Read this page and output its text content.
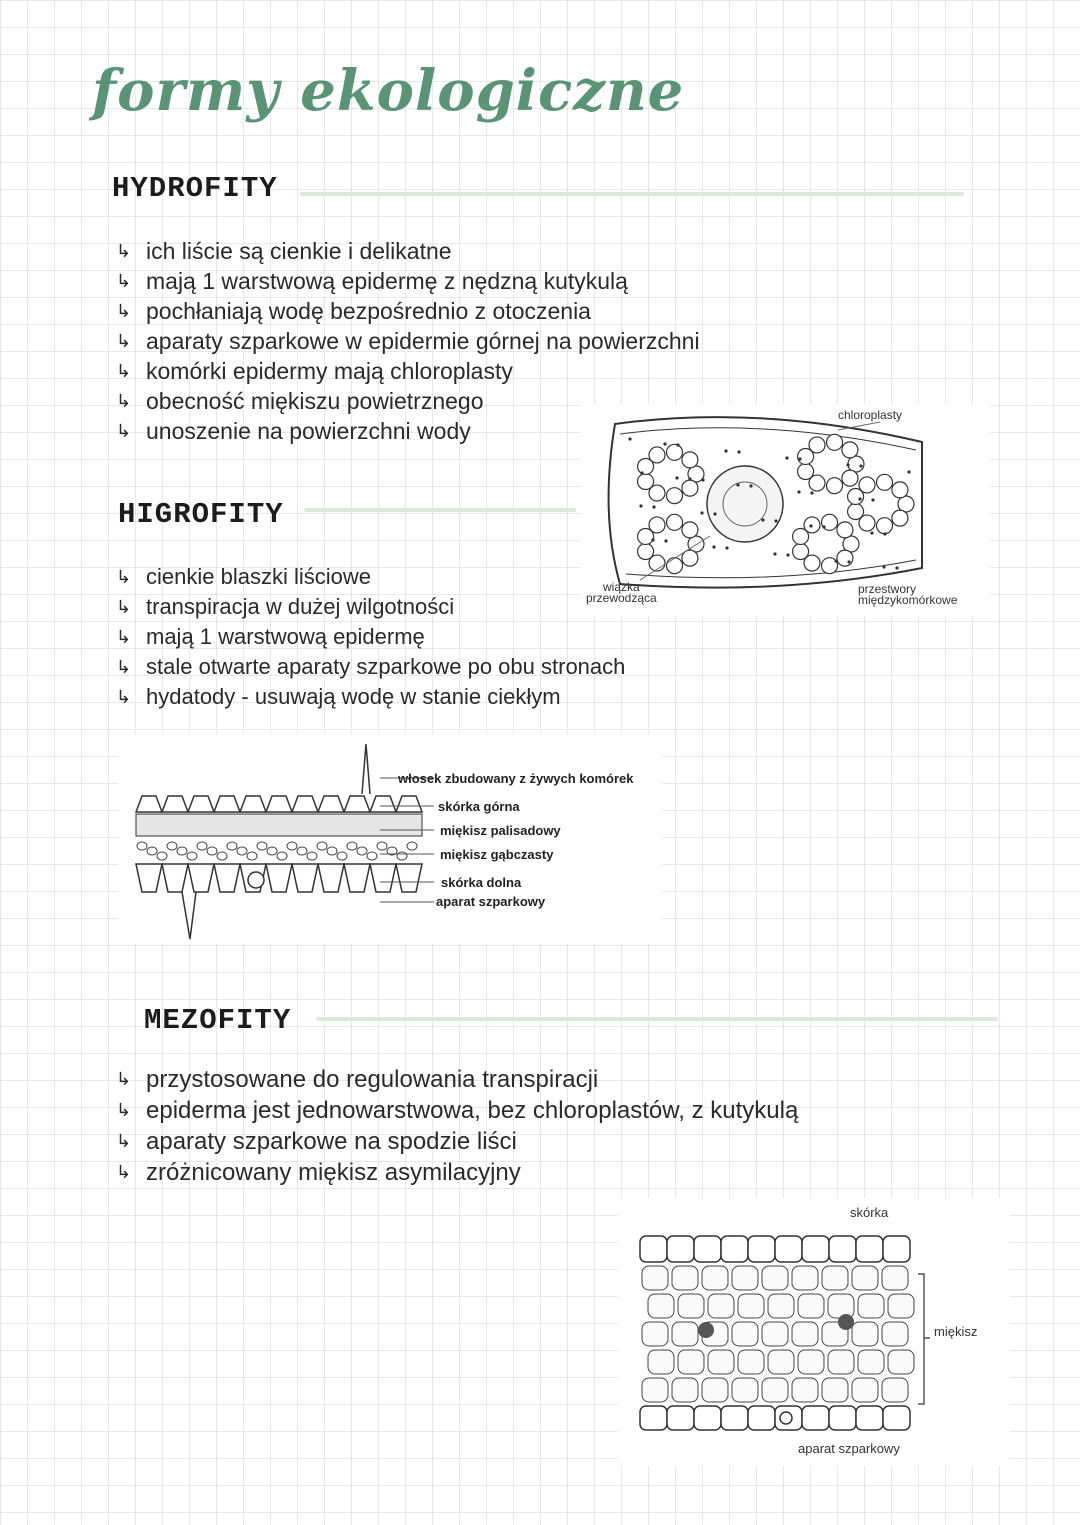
formy ekologiczne
HYDROFITY
↳ ich liście są cienkie i delikatne
↳ mają 1 warstwową epidermę z nędzną kutykulą
↳ pochłaniają wodę bezpośrednio z otoczenia
↳ aparaty szparkowe w epidermie górnej na powierzchni
↳ komórki epidermy mają chloroplasty
↳ obecność miękiszu powietrznego
↳ unoszenie na powierzchni wody
chloroplasty
wiązka
przewodząca
przestwory
międzykomórkowe
HIGROFITY
↳ cienkie blaszki liściowe
↳ transpiracja w dużej wilgotności
↳ mają 1 warstwową epidermę
↳ stale otwarte aparaty szparkowe po obu stronach
↳ hydatody - usuwają wodę w stanie ciekłym
włosek zbudowany z żywych komórek
skórka górna
miękisz palisadowy
miękisz gąbczasty
skórka dolna
aparat szparkowy
MEZOFITY
↳ przystosowane do regulowania transpiracji
↳ epiderma jest jednowarstwowa, bez chloroplastów, z kutykulą
↳ aparaty szparkowe na spodzie liści
↳ zróżnicowany miękisz asymilacyjny
skórka
miękisz
aparat szparkowy
